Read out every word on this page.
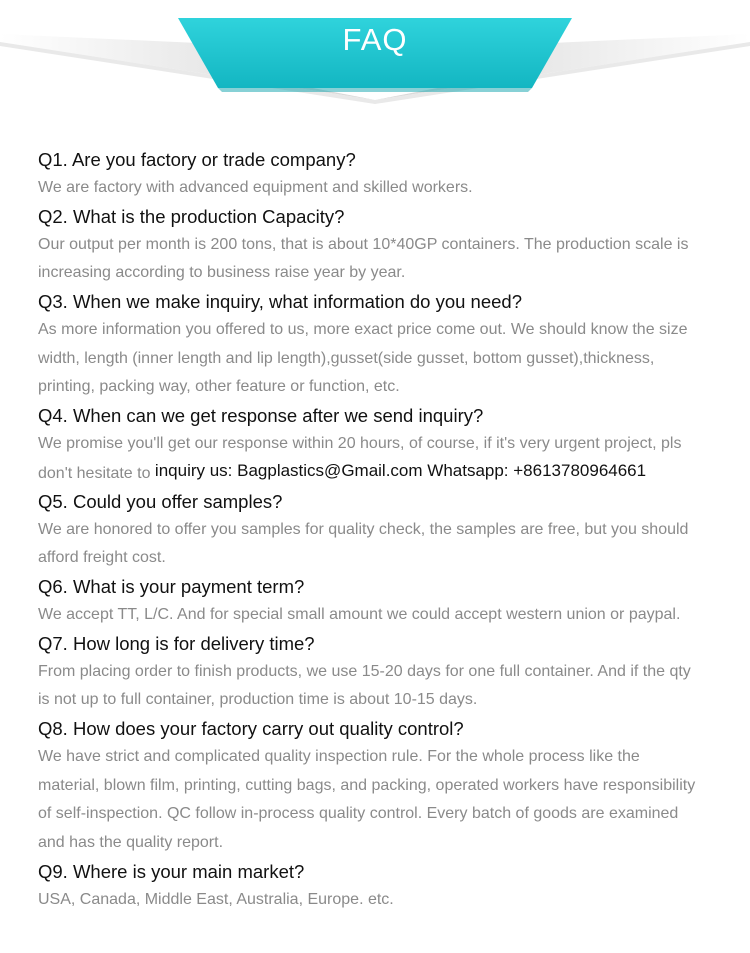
FAQ
Q1. Are you factory or trade company?
We are factory with advanced equipment and skilled workers.
Q2. What is the production Capacity?
Our output per month is 200 tons, that is about 10*40GP containers. The production scale is
increasing according to business raise year by year.
Q3. When we make inquiry, what information do you need?
As more information you offered to us, more exact price come out. We should know the size
width, length (inner length and lip length),gusset(side gusset, bottom gusset),thickness,
printing, packing way, other feature or function, etc.
Q4. When can we get response after we send inquiry?
We promise you'll get our response within 20 hours, of course, if it's very urgent project, pls
don't hesitate to inquiry us: Bagplastics@Gmail.com Whatsapp: +8613780964661
Q5. Could you offer samples?
We are honored to offer you samples for quality check, the samples are free, but you should
afford freight cost.
Q6. What is your payment term?
We accept TT, L/C. And for special small amount we could accept western union or paypal.
Q7. How long is for delivery time?
From placing order to finish products, we use 15-20 days for one full container. And if the qty
is not up to full container, production time is about 10-15 days.
Q8. How does your factory carry out quality control?
We have strict and complicated quality inspection rule. For the whole process like the
material, blown film, printing, cutting bags, and packing, operated workers have responsibility
of self-inspection. QC follow in-process quality control. Every batch of goods are examined
and has the quality report.
Q9. Where is your main market?
USA, Canada, Middle East, Australia, Europe. etc.
